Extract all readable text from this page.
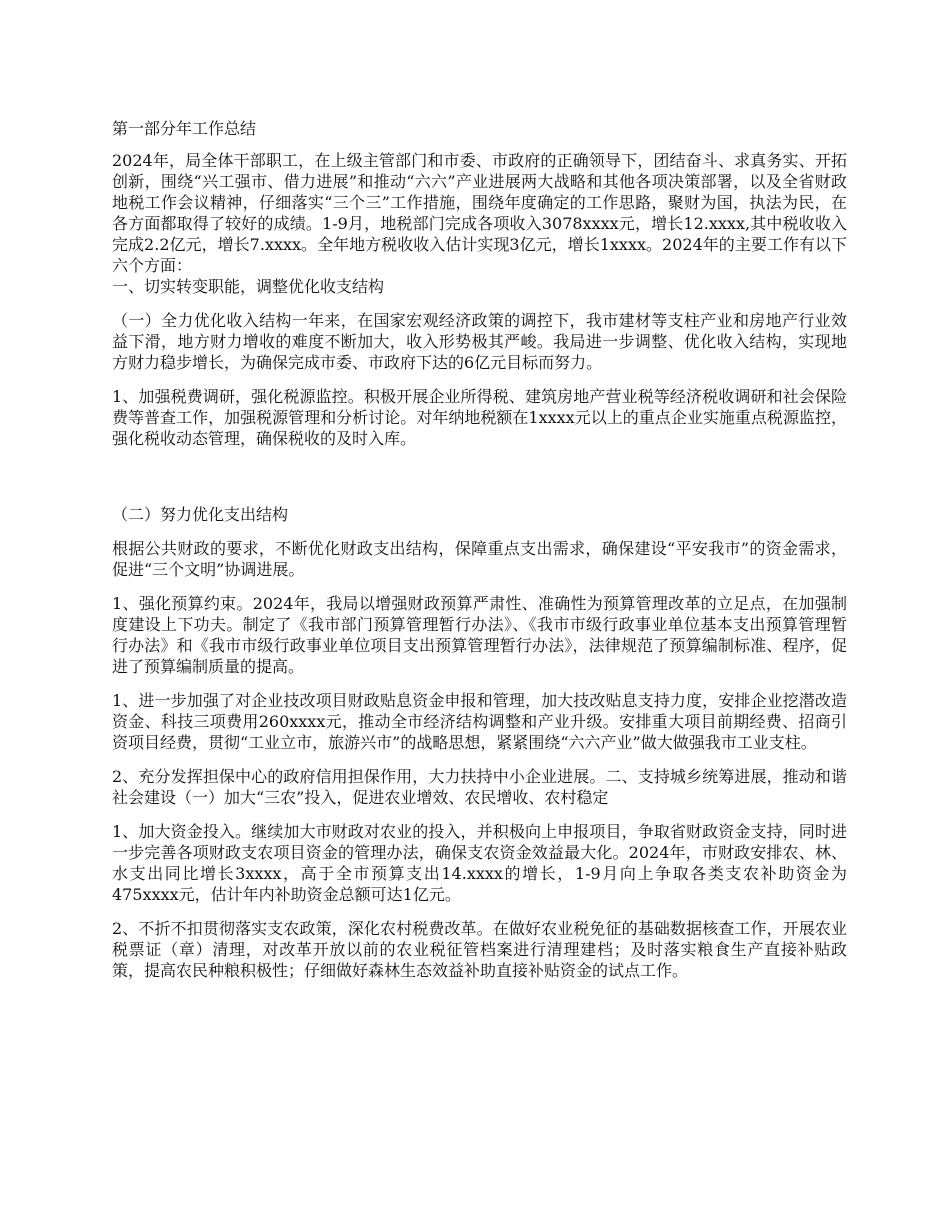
第一部分年工作总结

2024年，局全体干部职工，在上级主管部门和市委、市政府的正确领导下，团结奋斗、求真务实、开拓创新，围绕“兴工强市、借力进展”和推动“六六”产业进展两大战略和其他各项决策部署，以及全省财政地税工作会议精神，仔细落实“三个三”工作措施，围绕年度确定的工作思路，聚财为国，执法为民，在各方面都取得了较好的成绩。1-9月，地税部门完成各项收入3078xxxx元，增长12.xxxx,其中税收收入完成2.2亿元，增长7.xxxx。全年地方税收收入估计实现3亿元，增长1xxxx。2024年的主要工作有以下六个方面：

一、切实转变职能，调整优化收支结构

（一）全力优化收入结构一年来，在国家宏观经济政策的调控下，我市建材等支柱产业和房地产行业效益下滑，地方财力增收的难度不断加大，收入形势极其严峻。我局进一步调整、优化收入结构，实现地方财力稳步增长，为确保完成市委、市政府下达的6亿元目标而努力。

1、加强税费调研，强化税源监控。积极开展企业所得税、建筑房地产营业税等经济税收调研和社会保险费等普查工作，加强税源管理和分析讨论。对年纳地税额在1xxxx元以上的重点企业实施重点税源监控，强化税收动态管理，确保税收的及时入库。

（二）努力优化支出结构

根据公共财政的要求，不断优化财政支出结构，保障重点支出需求，确保建设“平安我市”的资金需求，促进“三个文明”协调进展。

1、强化预算约束。2024年，我局以增强财政预算严肃性、准确性为预算管理改革的立足点，在加强制度建设上下功夫。制定了《我市部门预算管理暂行办法》、《我市市级行政事业单位基本支出预算管理暂行办法》和《我市市级行政事业单位项目支出预算管理暂行办法》，法律规范了预算编制标准、程序，促进了预算编制质量的提高。

1、进一步加强了对企业技改项目财政贴息资金申报和管理，加大技改贴息支持力度，安排企业挖潜改造资金、科技三项费用260xxxx元，推动全市经济结构调整和产业升级。安排重大项目前期经费、招商引资项目经费，贯彻“工业立市，旅游兴市”的战略思想，紧紧围绕“六六产业”做大做强我市工业支柱。

2、充分发挥担保中心的政府信用担保作用，大力扶持中小企业进展。二、支持城乡统筹进展，推动和谐社会建设（一）加大“三农”投入，促进农业增效、农民增收、农村稳定

1、加大资金投入。继续加大市财政对农业的投入，并积极向上申报项目，争取省财政资金支持，同时进一步完善各项财政支农项目资金的管理办法，确保支农资金效益最大化。2024年，市财政安排农、林、水支出同比增长3xxxx，高于全市预算支出14.xxxx的增长，1-9月向上争取各类支农补助资金为475xxxx元，估计年内补助资金总额可达1亿元。

2、不折不扣贯彻落实支农政策，深化农村税费改革。在做好农业税免征的基础数据核查工作，开展农业税票证（章）清理，对改革开放以前的农业税征管档案进行清理建档；及时落实粮食生产直接补贴政策，提高农民种粮积极性；仔细做好森林生态效益补助直接补贴资金的试点工作。
